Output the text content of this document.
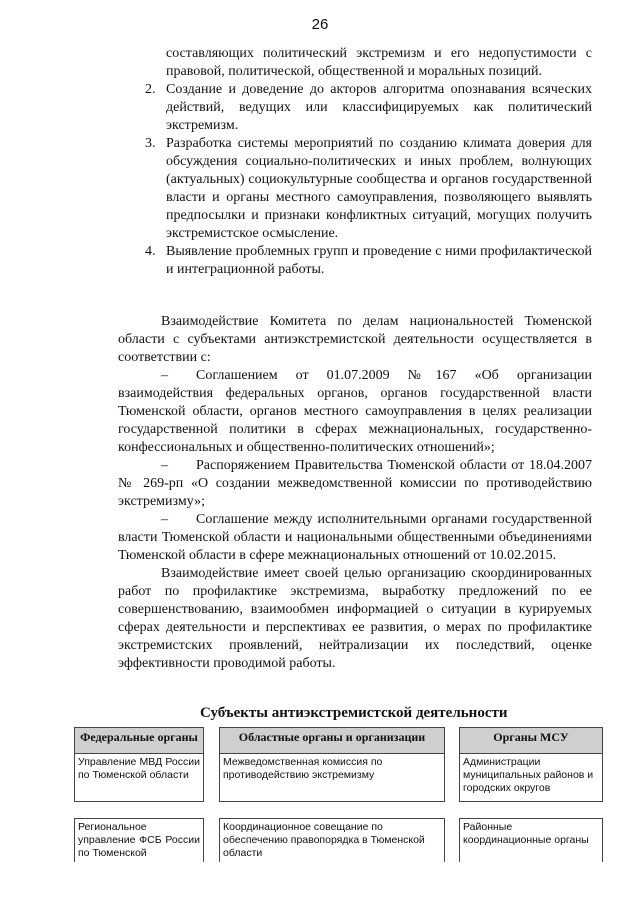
26
составляющих политический экстремизм и его недопустимости с правовой, политической, общественной и моральных позиций.
2. Создание и доведение до акторов алгоритма опознавания всяческих действий, ведущих или классифицируемых как политический экстремизм.
3. Разработка системы мероприятий по созданию климата доверия для обсуждения социально-политических и иных проблем, волнующих (актуальных) социокультурные сообщества и органов государственной власти и органы местного самоуправления, позволяющего выявлять предпосылки и признаки конфликтных ситуаций, могущих получить экстремистское осмысление.
4. Выявление проблемных групп и проведение с ними профилактической и интеграционной работы.

Взаимодействие Комитета по делам национальностей Тюменской области с субъектами антиэкстремистской деятельности осуществляется в соответствии с:

–  Соглашением от 01.07.2009 №167 «Об организации взаимодействия федеральных органов, органов государственной власти Тюменской области, органов местного самоуправления в целях реализации государственной политики в сферах межнациональных, государственно-конфессиональных и общественно-политических отношений»;

–  Распоряжением Правительства Тюменской области от 18.04.2007 № 269-рп «О создании межведомственной комиссии по противодействию экстремизму»;

–  Соглашение между исполнительными органами государственной власти Тюменской области и национальными общественными объединениями Тюменской области в сфере межнациональных отношений от 10.02.2015.

Взаимодействие имеет своей целью организацию скоординированных работ по профилактике экстремизма, выработку предложений по ее совершенствованию, взаимообмен информацией о ситуации в курируемых сферах деятельности и перспективах ее развития, о мерах по профилактике экстремистских проявлений, нейтрализации их последствий, оценке эффективности проводимой работы.

Субъекты антиэкстремистской деятельности
Федеральные органы
Управление МВД России по Тюменской области
Региональное управление ФСБ России по Тюменской
Областные органы и организации
Межведомственная комиссия по противодействию экстремизму
Координационное совещание по обеспечению правопорядка в Тюменской области
Органы МСУ
Администрации муниципальных районов и городских округов
Районные координационные органы
